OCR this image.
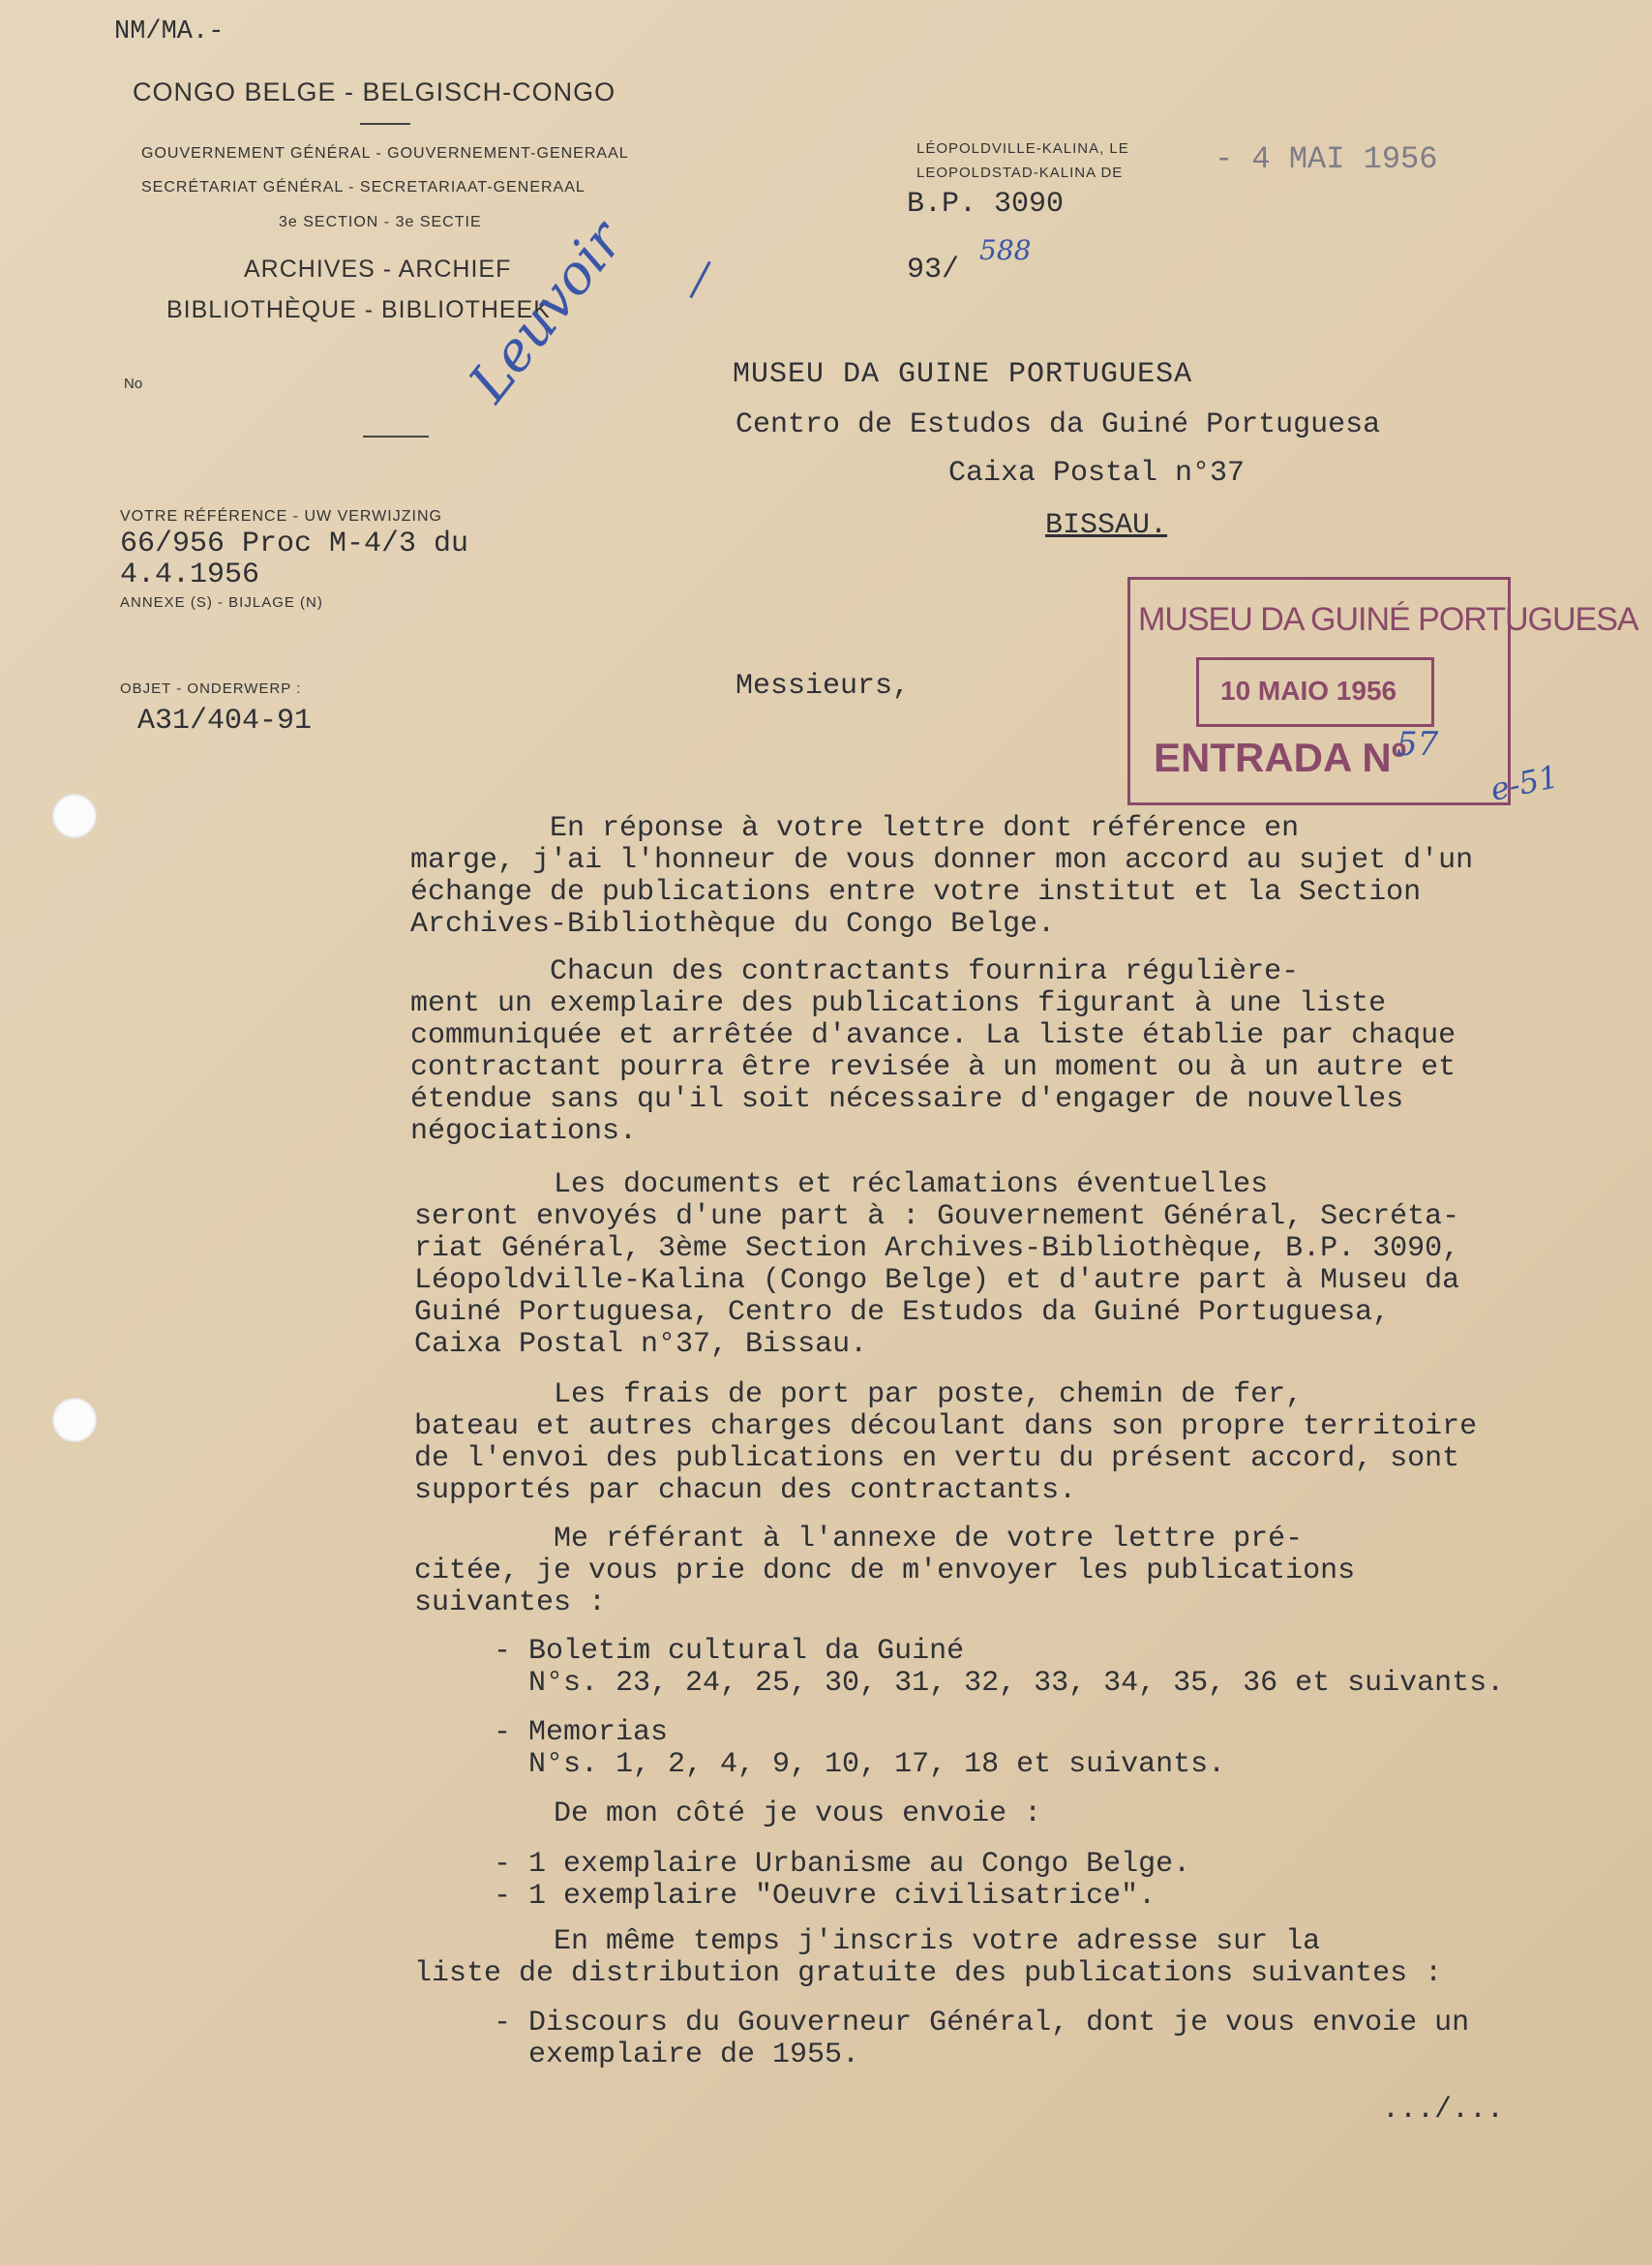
NM/MA.-
CONGO BELGE - BELGISCH-CONGO
GOUVERNEMENT GÉNÉRAL - GOUVERNEMENT-GENERAAL
SECRÉTARIAT GÉNÉRAL - SECRETARIAAT-GENERAAL
3e SECTION - 3e SECTIE
ARCHIVES - ARCHIEF
BIBLIOTHÈQUE - BIBLIOTHEEK
LÉOPOLDVILLE-KALINA, LE
LEOPOLDSTAD-KALINA DE	- 4 MAI 1956
B.P. 3090
93/
588
No	Leuvoir	MUSEU DA GUINE PORTUGUESA
Centro de Estudos da Guiné Portuguesa
Caixa Postal n°37
BISSAU.
VOTRE RÉFÉRENCE - UW VERWIJZING
66/956 Proc M-4/3 du
4.4.1956
ANNEXE (S) - BIJLAGE (N)
OBJET - ONDERWERP :
A31/404-91
MUSEU DA GUINÉ PORTUGUESA
10 MAIO 1956
ENTRADA Nº
57
e-51
Messieurs,
En réponse à votre lettre dont référence en
marge, j'ai l'honneur de vous donner mon accord au sujet d'un
échange de publications entre votre institut et la Section
Archives-Bibliothèque du Congo Belge.
Chacun des contractants fournira régulière-
ment un exemplaire des publications figurant à une liste
communiquée et arrêtée d'avance. La liste établie par chaque
contractant pourra être revisée à un moment ou à un autre et
étendue sans qu'il soit nécessaire d'engager de nouvelles
négociations.
Les documents et réclamations éventuelles
seront envoyés d'une part à : Gouvernement Général, Secréta-
riat Général, 3ème Section Archives-Bibliothèque, B.P. 3090,
Léopoldville-Kalina (Congo Belge) et d'autre part à Museu da
Guiné Portuguesa, Centro de Estudos da Guiné Portuguesa,
Caixa Postal n°37, Bissau.
Les frais de port par poste, chemin de fer,
bateau et autres charges découlant dans son propre territoire
de l'envoi des publications en vertu du présent accord, sont
supportés par chacun des contractants.
Me référant à l'annexe de votre lettre pré-
citée, je vous prie donc de m'envoyer les publications
suivantes :
- Boletim cultural da Guiné
N°s. 23, 24, 25, 30, 31, 32, 33, 34, 35, 36 et suivants.
- Memorias
N°s. 1, 2, 4, 9, 10, 17, 18 et suivants.
De mon côté je vous envoie :
- 1 exemplaire Urbanisme au Congo Belge.
- 1 exemplaire "Oeuvre civilisatrice".
En même temps j'inscris votre adresse sur la
liste de distribution gratuite des publications suivantes :
- Discours du Gouverneur Général, dont je vous envoie un
exemplaire de 1955.
.../...
